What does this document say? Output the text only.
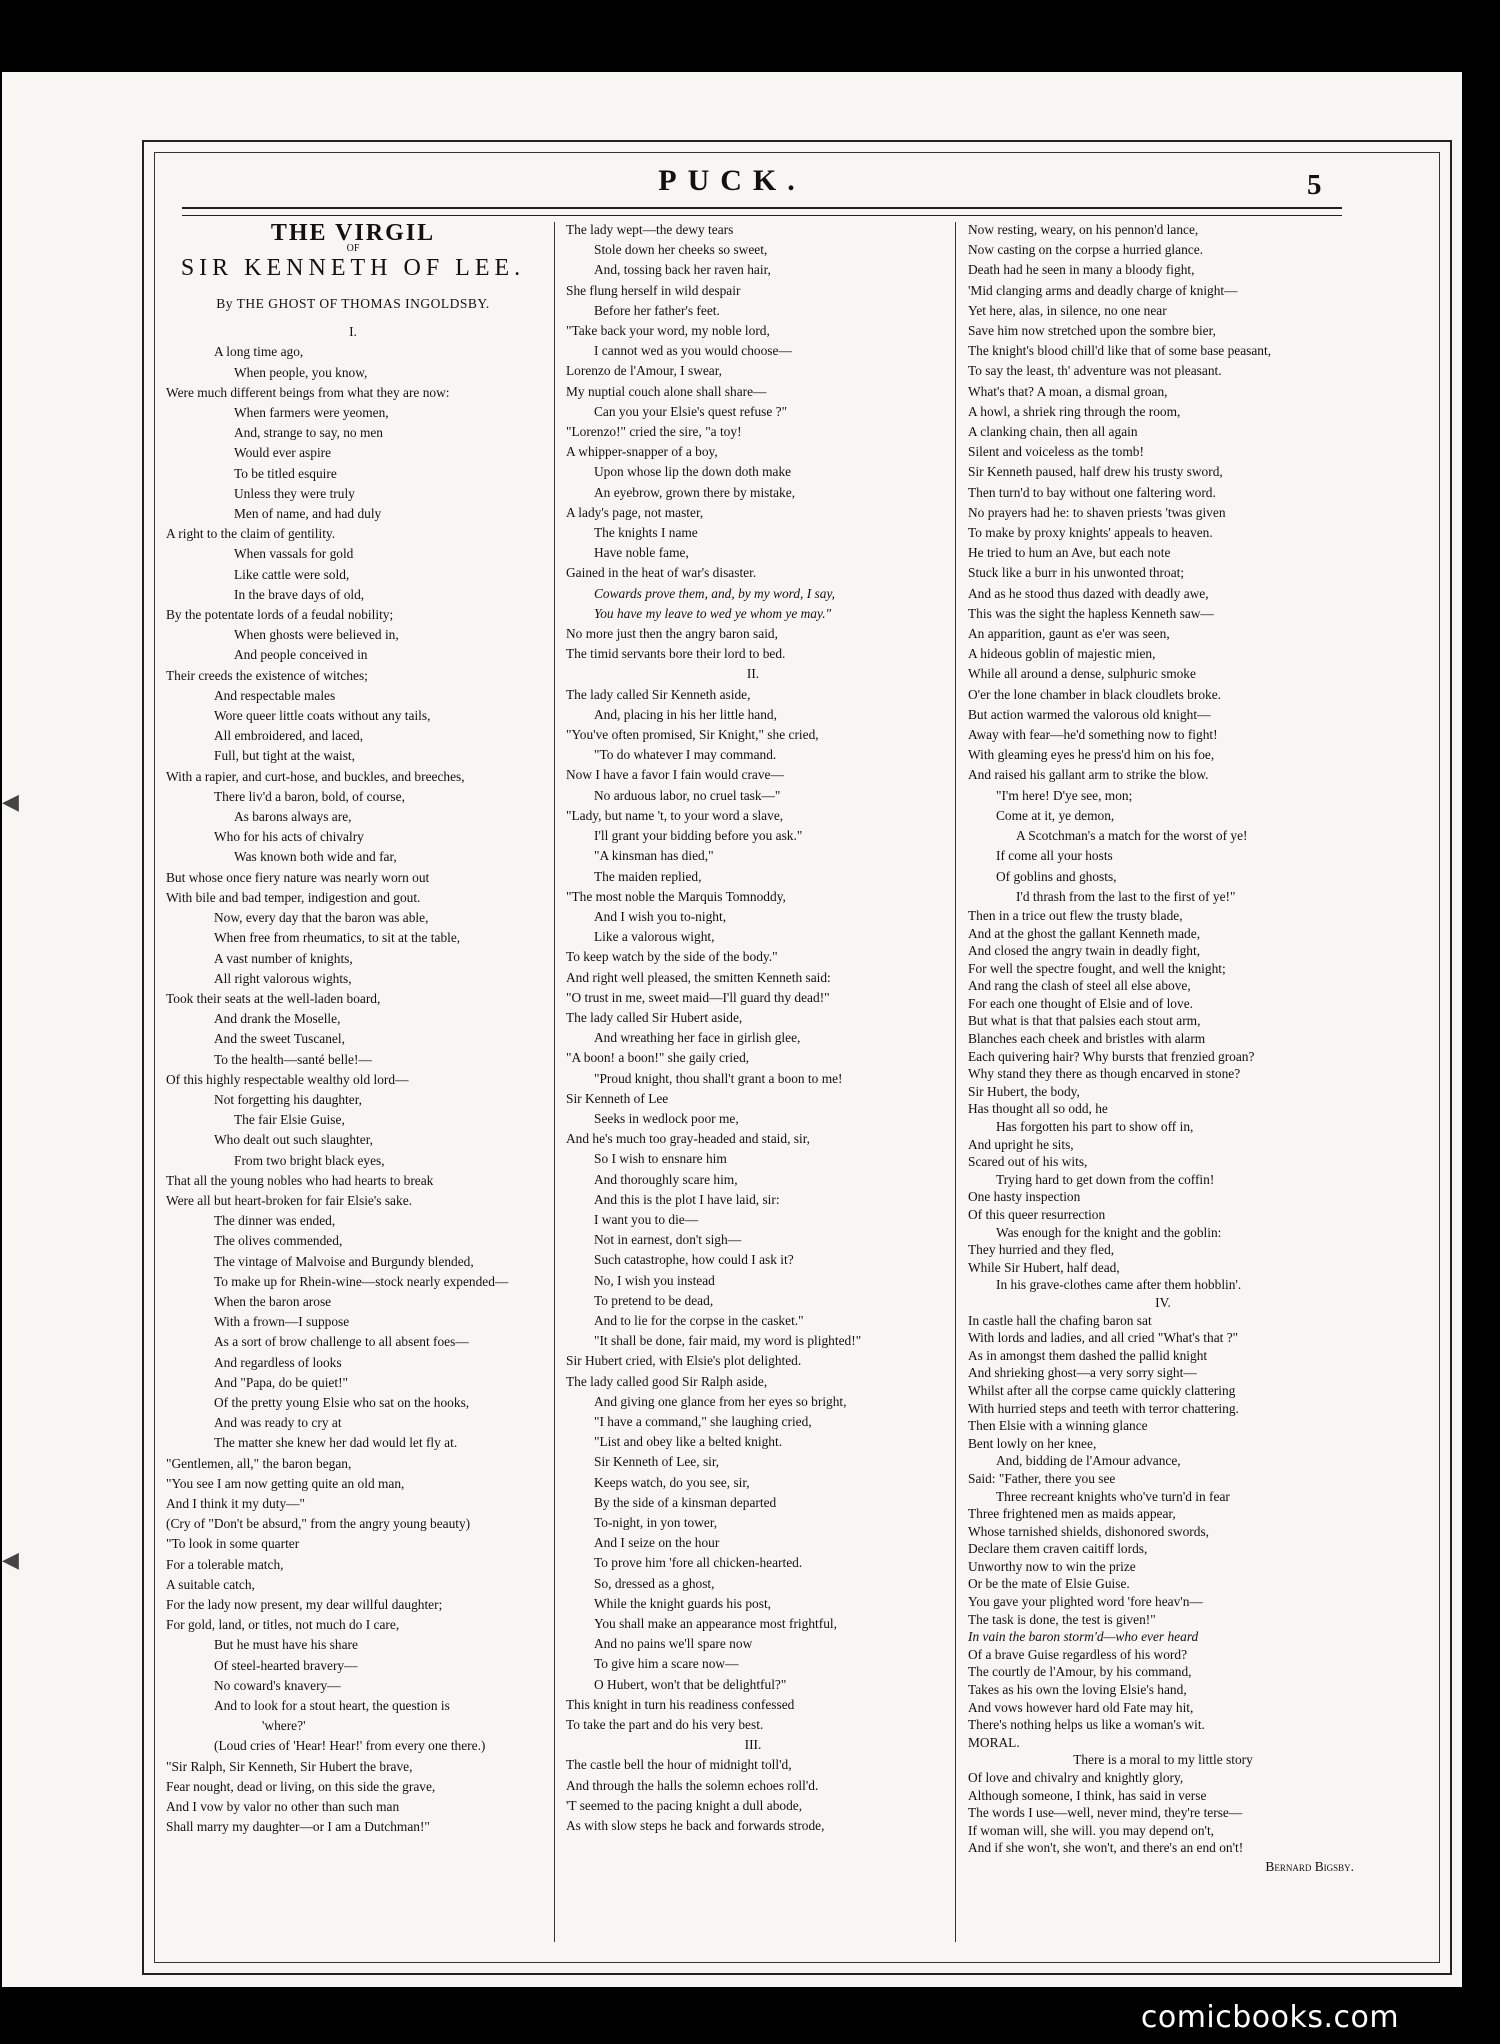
PUCK.	5
THE VIRGIL
OF
SIR KENNETH OF LEE.
By THE GHOST OF THOMAS INGOLDSBY.
I.
A long time ago,
When people, you know,
Were much different beings from what they are now:
When farmers were yeomen,
And, strange to say, no men
Would ever aspire
To be titled esquire
Unless they were truly
Men of name, and had duly
A right to the claim of gentility.
When vassals for gold
Like cattle were sold,
In the brave days of old,
By the potentate lords of a feudal nobility;
When ghosts were believed in,
And people conceived in
Their creeds the existence of witches;
And respectable males
Wore queer little coats without any tails,
All embroidered, and laced,
Full, but tight at the waist,
With a rapier, and curt-hose, and buckles, and breeches,
There liv'd a baron, bold, of course,
As barons always are,
Who for his acts of chivalry
Was known both wide and far,
But whose once fiery nature was nearly worn out
With bile and bad temper, indigestion and gout.
Now, every day that the baron was able,
When free from rheumatics, to sit at the table,
A vast number of knights,
All right valorous wights,
Took their seats at the well-laden board,
And drank the Moselle,
And the sweet Tuscanel,
To the health—santé belle!—
Of this highly respectable wealthy old lord—
Not forgetting his daughter,
The fair Elsie Guise,
Who dealt out such slaughter,
From two bright black eyes,
That all the young nobles who had hearts to break
Were all but heart-broken for fair Elsie's sake.
The dinner was ended,
The olives commended,
The vintage of Malvoise and Burgundy blended,
To make up for Rhein-wine—stock nearly expended—
When the baron arose
With a frown—I suppose
As a sort of brow challenge to all absent foes—
And regardless of looks
And "Papa, do be quiet!"
Of the pretty young Elsie who sat on the hooks,
And was ready to cry at
The matter she knew her dad would let fly at.
"Gentlemen, all," the baron began,
"You see I am now getting quite an old man,
And I think it my duty—"
(Cry of "Don't be absurd," from the angry young beauty)
"To look in some quarter
For a tolerable match,
A suitable catch,
For the lady now present, my dear willful daughter;
For gold, land, or titles, not much do I care,
But he must have his share
Of steel-hearted bravery—
No coward's knavery—
And to look for a stout heart, the question is
'where?'
(Loud cries of 'Hear! Hear!' from every one there.)
"Sir Ralph, Sir Kenneth, Sir Hubert the brave,
Fear nought, dead or living, on this side the grave,
And I vow by valor no other than such man
Shall marry my daughter—or I am a Dutchman!"
The lady wept—the dewy tears
Stole down her cheeks so sweet,
And, tossing back her raven hair,
She flung herself in wild despair
Before her father's feet.
"Take back your word, my noble lord,
I cannot wed as you would choose—
Lorenzo de l'Amour, I swear,
My nuptial couch alone shall share—
Can you your Elsie's quest refuse ?"
"Lorenzo!" cried the sire, "a toy!
A whipper-snapper of a boy,
Upon whose lip the down doth make
An eyebrow, grown there by mistake,
A lady's page, not master,
The knights I name
Have noble fame,
Gained in the heat of war's disaster.
Cowards prove them, and, by my word, I say,
You have my leave to wed ye whom ye may."
No more just then the angry baron said,
The timid servants bore their lord to bed.
II.
The lady called Sir Kenneth aside,
And, placing in his her little hand,
"You've often promised, Sir Knight," she cried,
"To do whatever I may command.
Now I have a favor I fain would crave—
No arduous labor, no cruel task—"
"Lady, but name 't, to your word a slave,
I'll grant your bidding before you ask."
"A kinsman has died,"
The maiden replied,
"The most noble the Marquis Tomnoddy,
And I wish you to-night,
Like a valorous wight,
To keep watch by the side of the body."
And right well pleased, the smitten Kenneth said:
"O trust in me, sweet maid—I'll guard thy dead!"
The lady called Sir Hubert aside,
And wreathing her face in girlish glee,
"A boon! a boon!" she gaily cried,
"Proud knight, thou shall't grant a boon to me!
Sir Kenneth of Lee
Seeks in wedlock poor me,
And he's much too gray-headed and staid, sir,
So I wish to ensnare him
And thoroughly scare him,
And this is the plot I have laid, sir:
I want you to die—
Not in earnest, don't sigh—
Such catastrophe, how could I ask it?
No, I wish you instead
To pretend to be dead,
And to lie for the corpse in the casket."
"It shall be done, fair maid, my word is plighted!"
Sir Hubert cried, with Elsie's plot delighted.
The lady called good Sir Ralph aside,
And giving one glance from her eyes so bright,
"I have a command," she laughing cried,
"List and obey like a belted knight.
Sir Kenneth of Lee, sir,
Keeps watch, do you see, sir,
By the side of a kinsman departed
To-night, in yon tower,
And I seize on the hour
To prove him 'fore all chicken-hearted.
So, dressed as a ghost,
While the knight guards his post,
You shall make an appearance most frightful,
And no pains we'll spare now
To give him a scare now—
O Hubert, won't that be delightful?"
This knight in turn his readiness confessed
To take the part and do his very best.
III.
The castle bell the hour of midnight toll'd,
And through the halls the solemn echoes roll'd.
'T seemed to the pacing knight a dull abode,
As with slow steps he back and forwards strode,
Now resting, weary, on his pennon'd lance,
Now casting on the corpse a hurried glance.
Death had he seen in many a bloody fight,
'Mid clanging arms and deadly charge of knight—
Yet here, alas, in silence, no one near
Save him now stretched upon the sombre bier,
The knight's blood chill'd like that of some base peasant,
To say the least, th' adventure was not pleasant.
What's that? A moan, a dismal groan,
A howl, a shriek ring through the room,
A clanking chain, then all again
Silent and voiceless as the tomb!
Sir Kenneth paused, half drew his trusty sword,
Then turn'd to bay without one faltering word.
No prayers had he: to shaven priests 'twas given
To make by proxy knights' appeals to heaven.
He tried to hum an Ave, but each note
Stuck like a burr in his unwonted throat;
And as he stood thus dazed with deadly awe,
This was the sight the hapless Kenneth saw—
An apparition, gaunt as e'er was seen,
A hideous goblin of majestic mien,
While all around a dense, sulphuric smoke
O'er the lone chamber in black cloudlets broke.
But action warmed the valorous old knight—
Away with fear—he'd something now to fight!
With gleaming eyes he press'd him on his foe,
And raised his gallant arm to strike the blow.
"I'm here! D'ye see, mon;
Come at it, ye demon,
A Scotchman's a match for the worst of ye!
If come all your hosts
Of goblins and ghosts,
I'd thrash from the last to the first of ye!"
Then in a trice out flew the trusty blade,
And at the ghost the gallant Kenneth made,
And closed the angry twain in deadly fight,
For well the spectre fought, and well the knight;
And rang the clash of steel all else above,
For each one thought of Elsie and of love.
But what is that that palsies each stout arm,
Blanches each cheek and bristles with alarm
Each quivering hair? Why bursts that frenzied groan?
Why stand they there as though encarved in stone?
Sir Hubert, the body,
Has thought all so odd, he
Has forgotten his part to show off in,
And upright he sits,
Scared out of his wits,
Trying hard to get down from the coffin!
One hasty inspection
Of this queer resurrection
Was enough for the knight and the goblin:
They hurried and they fled,
While Sir Hubert, half dead,
In his grave-clothes came after them hobblin'.
IV.
In castle hall the chafing baron sat
With lords and ladies, and all cried "What's that ?"
As in amongst them dashed the pallid knight
And shrieking ghost—a very sorry sight—
Whilst after all the corpse came quickly clattering
With hurried steps and teeth with terror chattering.
Then Elsie with a winning glance
Bent lowly on her knee,
And, bidding de l'Amour advance,
Said: "Father, there you see
Three recreant knights who've turn'd in fear
Three frightened men as maids appear,
Whose tarnished shields, dishonored swords,
Declare them craven caitiff lords,
Unworthy now to win the prize
Or be the mate of Elsie Guise.
You gave your plighted word 'fore heav'n—
The task is done, the test is given!"
In vain the baron storm'd—who ever heard
Of a brave Guise regardless of his word?
The courtly de l'Amour, by his command,
Takes as his own the loving Elsie's hand,
And vows however hard old Fate may hit,
There's nothing helps us like a woman's wit.
MORAL.
There is a moral to my little story
Of love and chivalry and knightly glory,
Although someone, I think, has said in verse
The words I use—well, never mind, they're terse—
If woman will, she will. you may depend on't,
And if she won't, she won't, and there's an end on't!
Bernard Bigsby.
◀
◀
comicbooks.com
